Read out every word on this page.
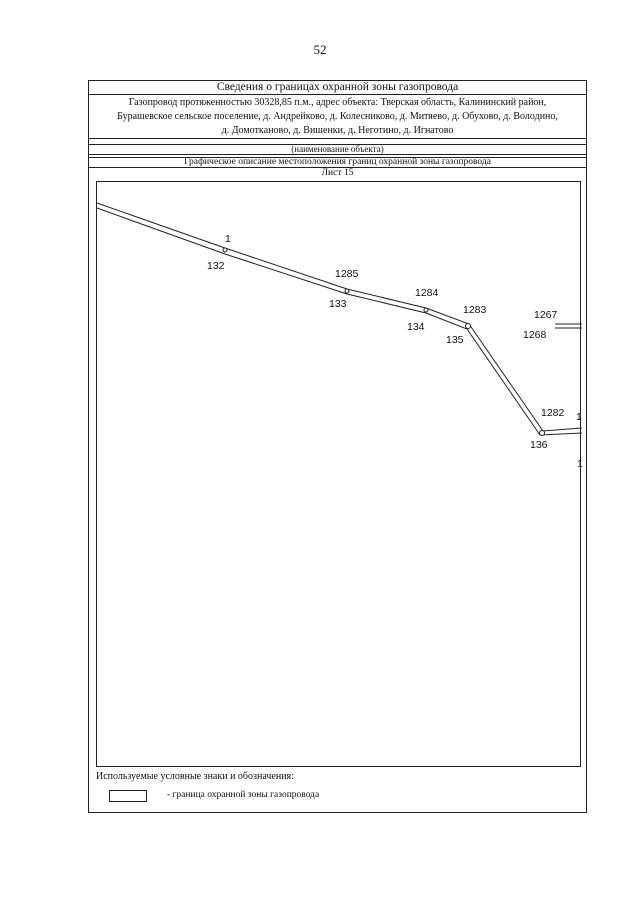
52
Сведения о границах охранной зоны газопровода
Газопровод протяженностью 30328,85 п.м., адрес объекта: Тверская область, Калининский район,
Бурашевское сельское поселение, д. Андрейково, д. Колесниково, д. Митяево, д. Обухово, д. Володино,
д. Домоткaново, д. Вишенки, д. Неготино, д. Игнатово
(наименование объекта)
Графическое описание местоположения границ охранной зоны газопровода
Лист 15
1
132
1285
133
1284
134
1283
135
1267
1268
1282
136
1
1
Используемые условные знаки и обозначения:
- граница охранной зоны газопровода
